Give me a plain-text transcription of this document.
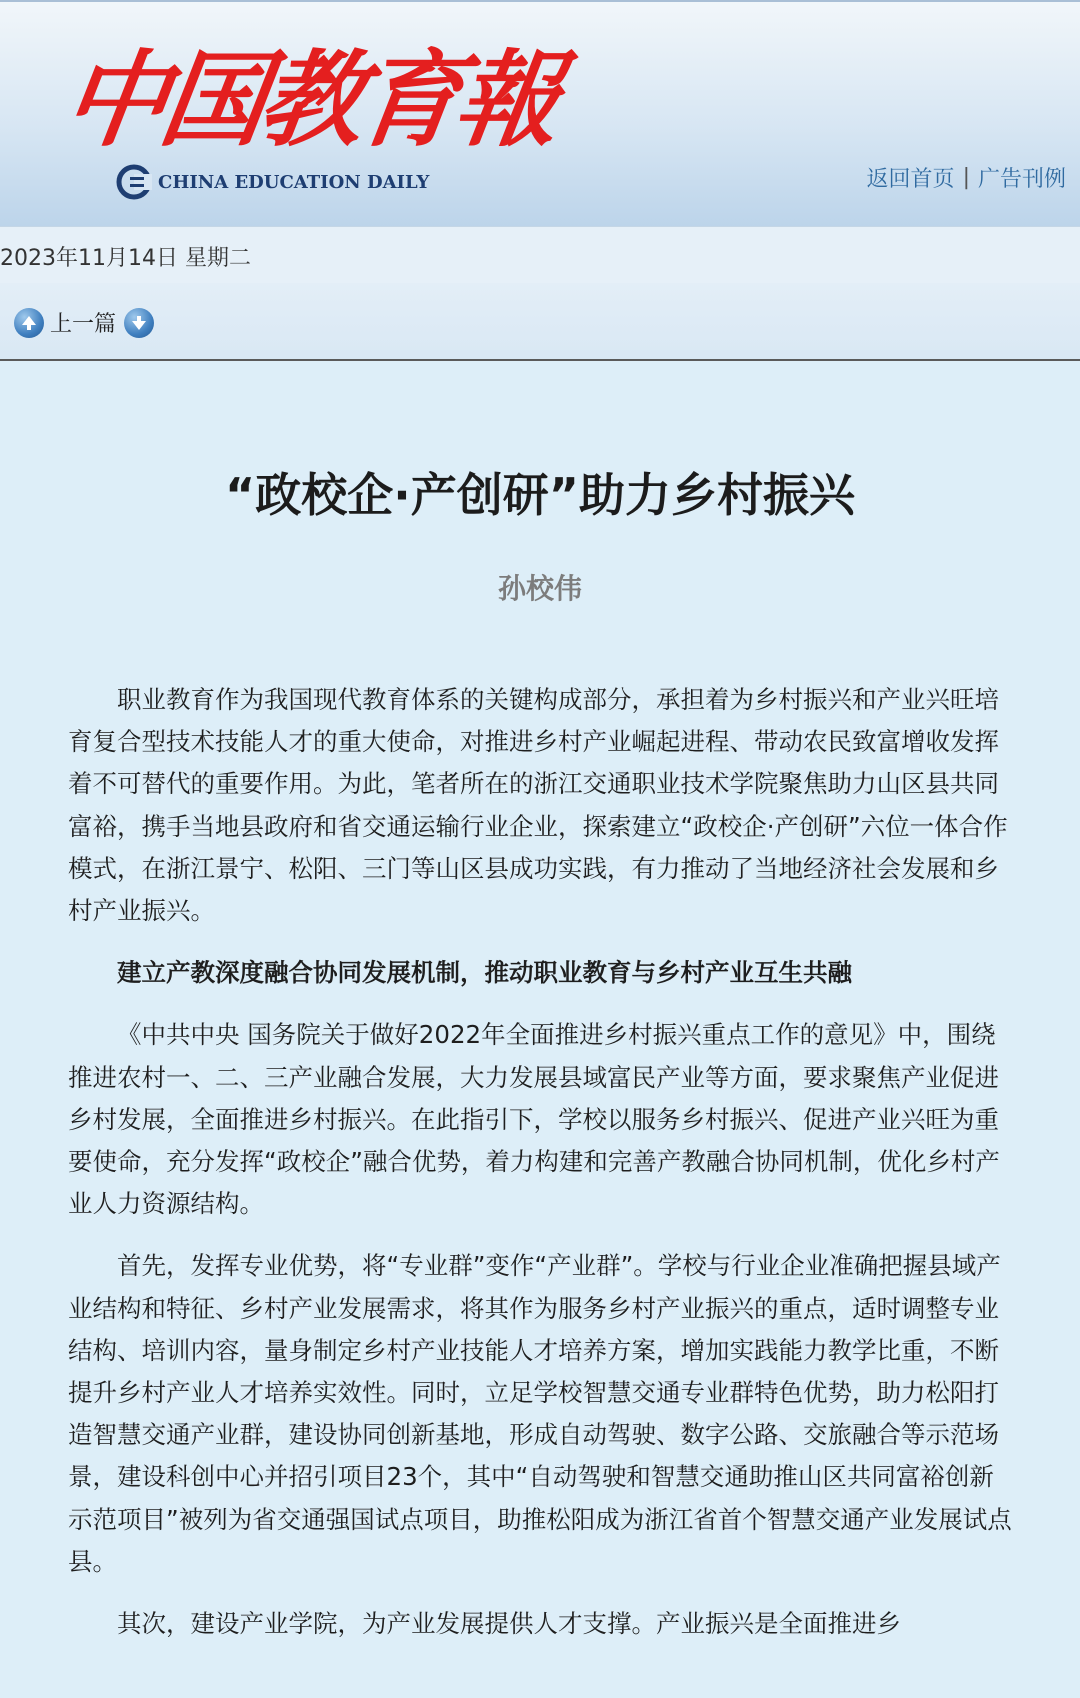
中国教育報
CHINA EDUCATION DAILY	返回首页 | 广告刊例
2023年11月14日 星期二
上一篇
“政校企·产创研”助力乡村振兴
孙校伟

职业教育作为我国现代教育体系的关键构成部分，承担着为乡村振兴和产业兴旺培育复合型技术技能人才的重大使命，对推进乡村产业崛起进程、带动农民致富增收发挥着不可替代的重要作用。为此，笔者所在的浙江交通职业技术学院聚焦助力山区县共同富裕，携手当地县政府和省交通运输行业企业，探索建立“政校企·产创研”六位一体合作模式，在浙江景宁、松阳、三门等山区县成功实践，有力推动了当地经济社会发展和乡村产业振兴。

建立产教深度融合协同发展机制，推动职业教育与乡村产业互生共融

《中共中央 国务院关于做好2022年全面推进乡村振兴重点工作的意见》中，围绕推进农村一、二、三产业融合发展，大力发展县域富民产业等方面，要求聚焦产业促进乡村发展，全面推进乡村振兴。在此指引下，学校以服务乡村振兴、促进产业兴旺为重要使命，充分发挥“政校企”融合优势，着力构建和完善产教融合协同机制，优化乡村产业人力资源结构。

首先，发挥专业优势，将“专业群”变作“产业群”。学校与行业企业准确把握县域产业结构和特征、乡村产业发展需求，将其作为服务乡村产业振兴的重点，适时调整专业结构、培训内容，量身制定乡村产业技能人才培养方案，增加实践能力教学比重，不断提升乡村产业人才培养实效性。同时，立足学校智慧交通专业群特色优势，助力松阳打造智慧交通产业群，建设协同创新基地，形成自动驾驶、数字公路、交旅融合等示范场景，建设科创中心并招引项目23个，其中“自动驾驶和智慧交通助推山区共同富裕创新示范项目”被列为省交通强国试点项目，助推松阳成为浙江省首个智慧交通产业发展试点县。

其次，建设产业学院，为产业发展提供人才支撑。产业振兴是全面推进乡
